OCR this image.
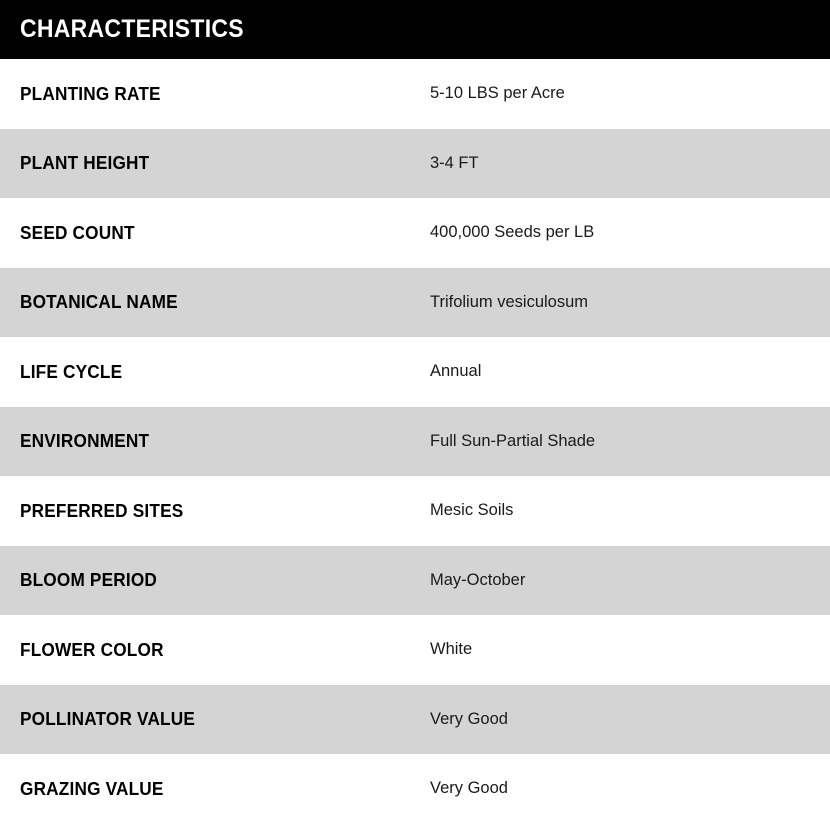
CHARACTERISTICS	
PLANTING RATE	5-10 LBS per Acre
PLANT HEIGHT	3-4 FT
SEED COUNT	400,000 Seeds per LB
BOTANICAL NAME	Trifolium vesiculosum
LIFE CYCLE	Annual
ENVIRONMENT	Full Sun-Partial Shade
PREFERRED SITES	Mesic Soils
BLOOM PERIOD	May-October
FLOWER COLOR	White
POLLINATOR VALUE	Very Good
GRAZING VALUE	Very Good
